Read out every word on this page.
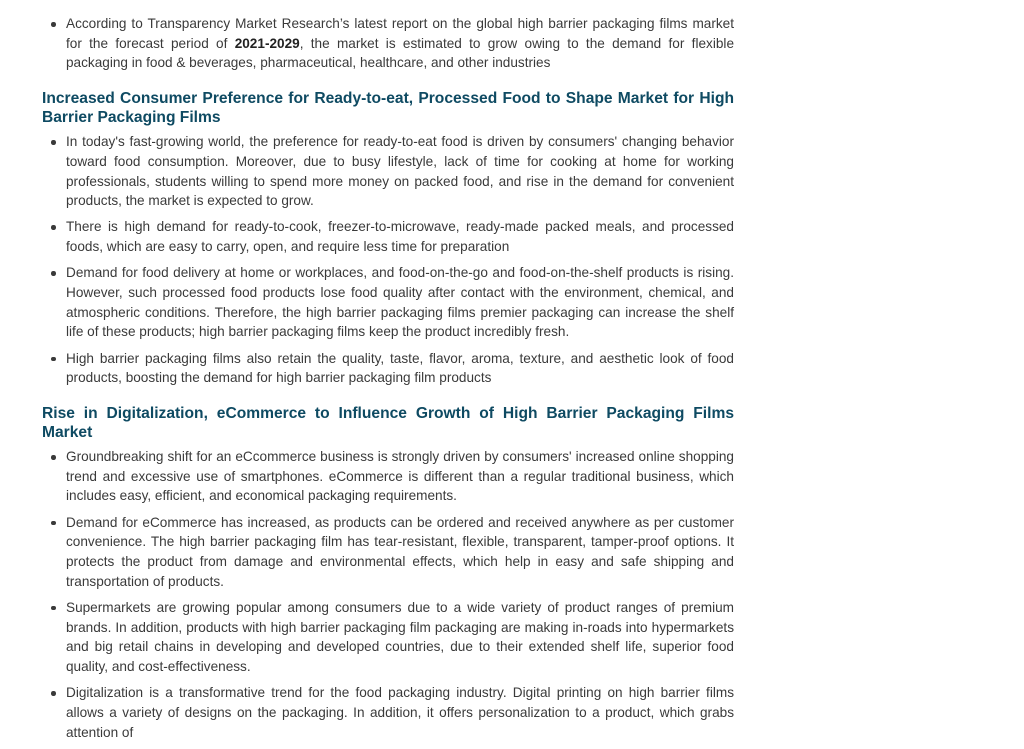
According to Transparency Market Research’s latest report on the global high barrier packaging films market for the forecast period of 2021-2029, the market is estimated to grow owing to the demand for flexible packaging in food & beverages, pharmaceutical, healthcare, and other industries
Increased Consumer Preference for Ready-to-eat, Processed Food to Shape Market for High Barrier Packaging Films
In today's fast-growing world, the preference for ready-to-eat food is driven by consumers' changing behavior toward food consumption. Moreover, due to busy lifestyle, lack of time for cooking at home for working professionals, students willing to spend more money on packed food, and rise in the demand for convenient products, the market is expected to grow.
There is high demand for ready-to-cook, freezer-to-microwave, ready-made packed meals, and processed foods, which are easy to carry, open, and require less time for preparation
Demand for food delivery at home or workplaces, and food-on-the-go and food-on-the-shelf products is rising. However, such processed food products lose food quality after contact with the environment, chemical, and atmospheric conditions. Therefore, the high barrier packaging films premier packaging can increase the shelf life of these products; high barrier packaging films keep the product incredibly fresh.
High barrier packaging films also retain the quality, taste, flavor, aroma, texture, and aesthetic look of food products, boosting the demand for high barrier packaging film products
Rise in Digitalization, eCommerce to Influence Growth of High Barrier Packaging Films Market
Groundbreaking shift for an eCcommerce business is strongly driven by consumers' increased online shopping trend and excessive use of smartphones. eCommerce is different than a regular traditional business, which includes easy, efficient, and economical packaging requirements.
Demand for eCommerce has increased, as products can be ordered and received anywhere as per customer convenience. The high barrier packaging film has tear-resistant, flexible, transparent, tamper-proof options. It protects the product from damage and environmental effects, which help in easy and safe shipping and transportation of products.
Supermarkets are growing popular among consumers due to a wide variety of product ranges of premium brands. In addition, products with high barrier packaging film packaging are making in-roads into hypermarkets and big retail chains in developing and developed countries, due to their extended shelf life, superior food quality, and cost-effectiveness.
Digitalization is a transformative trend for the food packaging industry. Digital printing on high barrier films allows a variety of designs on the packaging. In addition, it offers personalization to a product, which grabs attention of
